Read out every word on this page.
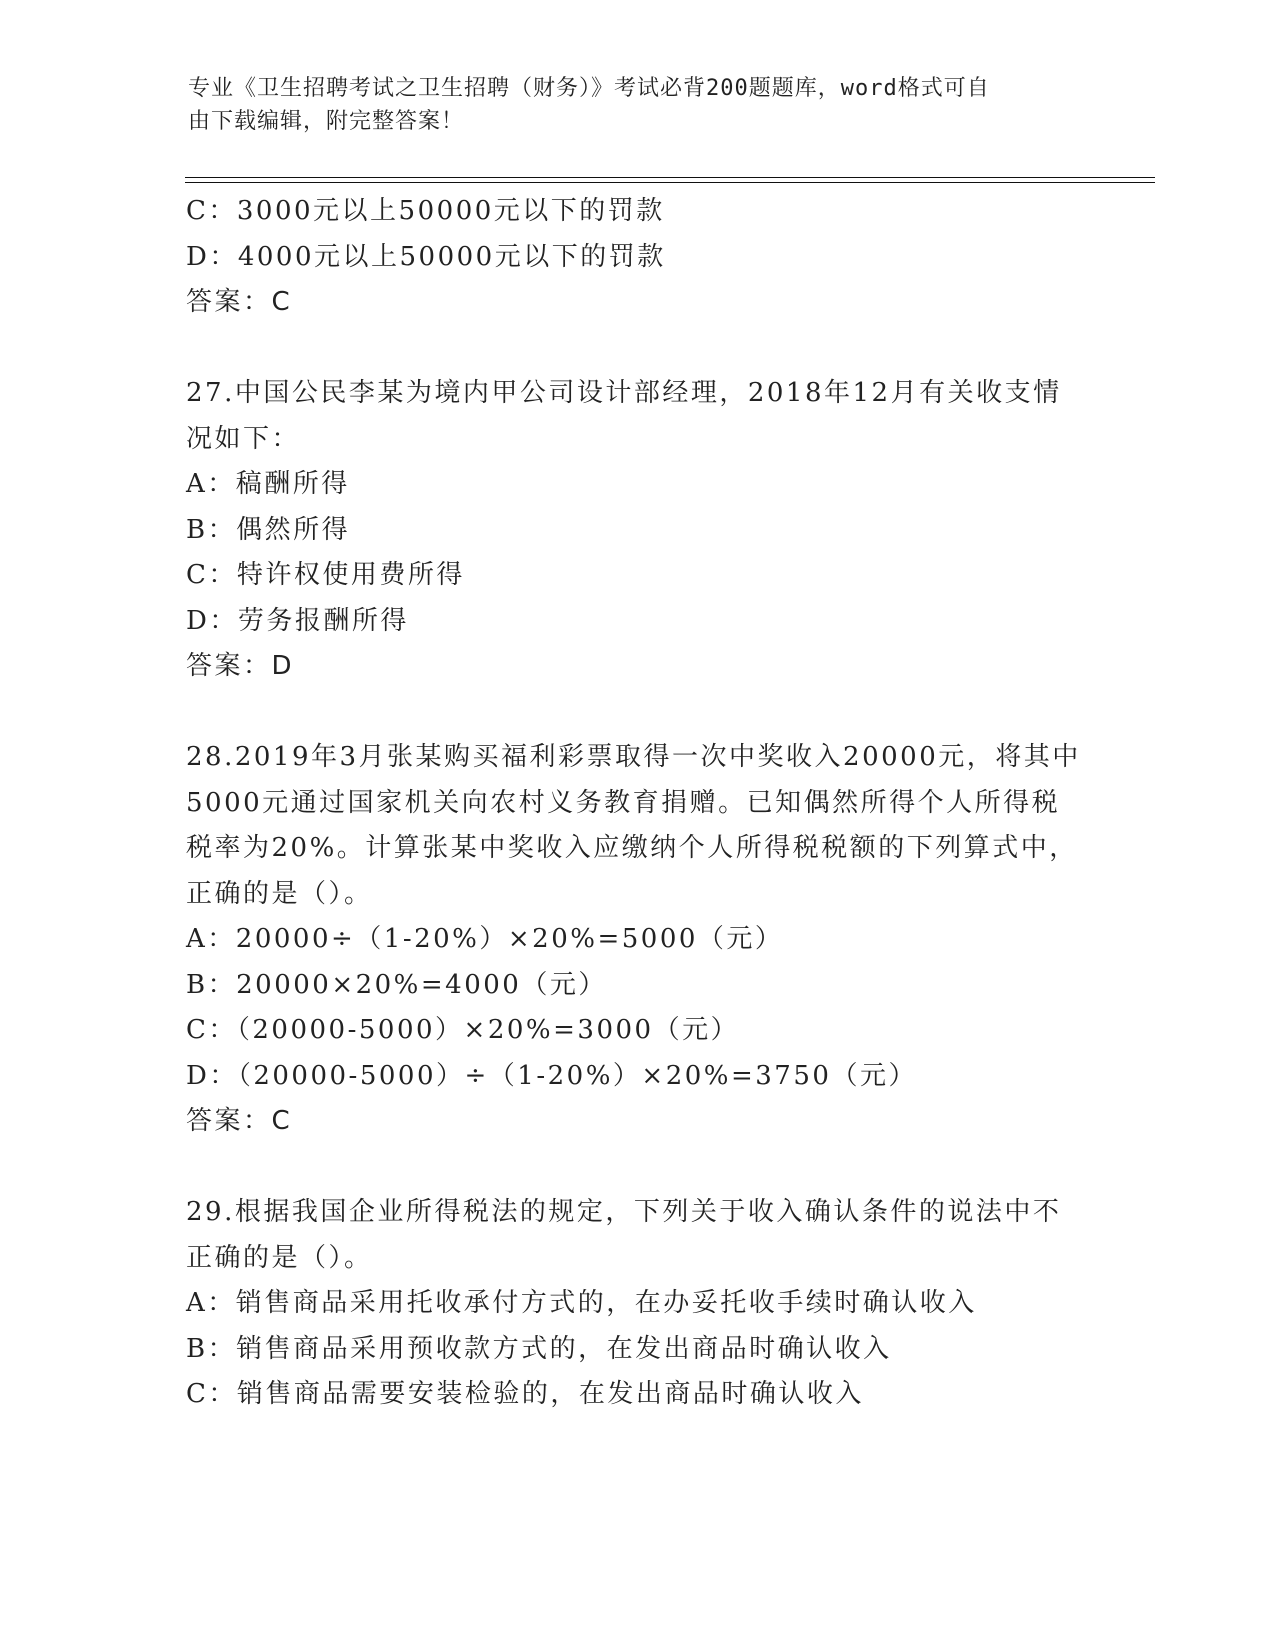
专业《卫生招聘考试之卫生招聘（财务）》考试必背200题题库，word格式可自
由下载编辑，附完整答案！
C：3000元以上50000元以下的罚款
D：4000元以上50000元以下的罚款
答案：C
27.中国公民李某为境内甲公司设计部经理，2018年12月有关收支情
况如下：
A：稿酬所得
B：偶然所得
C：特许权使用费所得
D：劳务报酬所得
答案：D
28.2019年3月张某购买福利彩票取得一次中奖收入20000元，将其中
5000元通过国家机关向农村义务教育捐赠。已知偶然所得个人所得税
税率为20%。计算张某中奖收入应缴纳个人所得税税额的下列算式中，
正确的是（）。
A：20000÷（1-20%）×20%=5000（元）
B：20000×20%=4000（元）
C：（20000-5000）×20%=3000（元）
D：（20000-5000）÷（1-20%）×20%=3750（元）
答案：C
29.根据我国企业所得税法的规定，下列关于收入确认条件的说法中不
正确的是（）。
A：销售商品采用托收承付方式的，在办妥托收手续时确认收入
B：销售商品采用预收款方式的，在发出商品时确认收入
C：销售商品需要安装检验的，在发出商品时确认收入
